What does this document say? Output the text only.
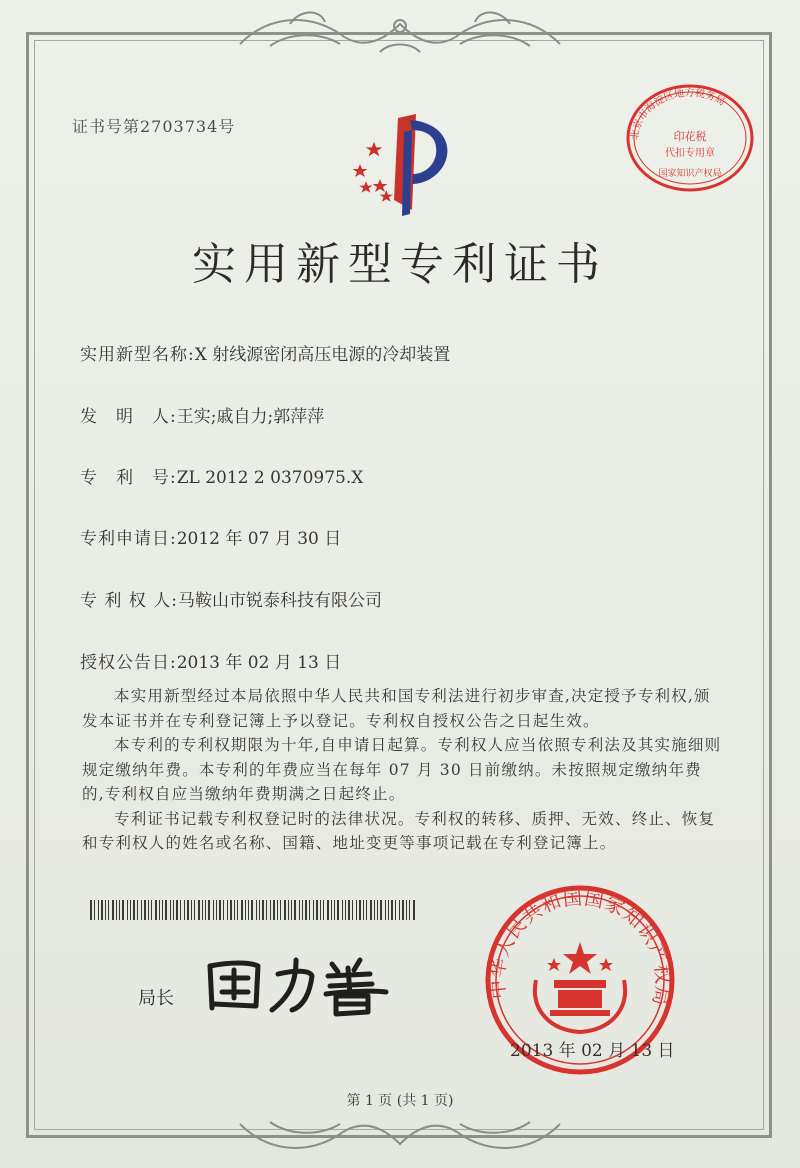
证书号第2703734号	北京市海淀区地方税务局
印花税
代扣专用章
国家知识产权局
实用新型专利证书
实用新型名称:X 射线源密闭高压电源的冷却装置
发　明　人:王实;戚自力;郭萍萍
专　利　号:ZL 2012 2 0370975.X
专利申请日:2012 年 07 月 30 日
专 利 权 人:马鞍山市锐泰科技有限公司
授权公告日:2013 年 02 月 13 日

本实用新型经过本局依照中华人民共和国专利法进行初步审查,决定授予专利权,颁发本证书并在专利登记簿上予以登记。专利权自授权公告之日起生效。

本专利的专利权期限为十年,自申请日起算。专利权人应当依照专利法及其实施细则规定缴纳年费。本专利的年费应当在每年 07 月 30 日前缴纳。未按照规定缴纳年费的,专利权自应当缴纳年费期满之日起终止。

专利证书记载专利权登记时的法律状况。专利权的转移、质押、无效、终止、恢复和专利权人的姓名或名称、国籍、地址变更等事项记载在专利登记簿上。

局长	中华人民共和国国家知识产权局
2013 年 02 月 13 日
第 1 页 (共 1 页)
